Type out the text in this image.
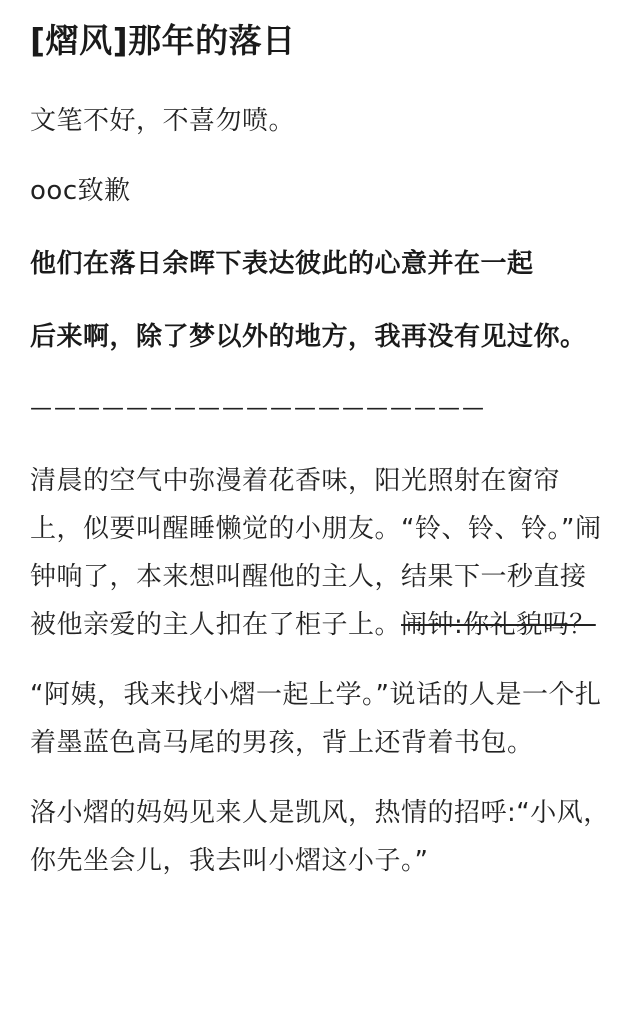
[熠风]那年的落日

文笔不好，不喜勿喷。

ooc致歉

他们在落日余晖下表达彼此的心意并在一起

后来啊，除了梦以外的地方，我再没有见过你。

———————————————————

清晨的空气中弥漫着花香味，阳光照射在窗帘上，似要叫醒睡懒觉的小朋友。“铃、铃、铃。”闹钟响了，本来想叫醒他的主人，结果下一秒直接被他亲爱的主人扣在了柜子上。闹钟:你礼貌吗？

“阿姨，我来找小熠一起上学。”说话的人是一个扎着墨蓝色高马尾的男孩，背上还背着书包。

洛小熠的妈妈见来人是凯风，热情的招呼:“小风，你先坐会儿，我去叫小熠这小子。”
